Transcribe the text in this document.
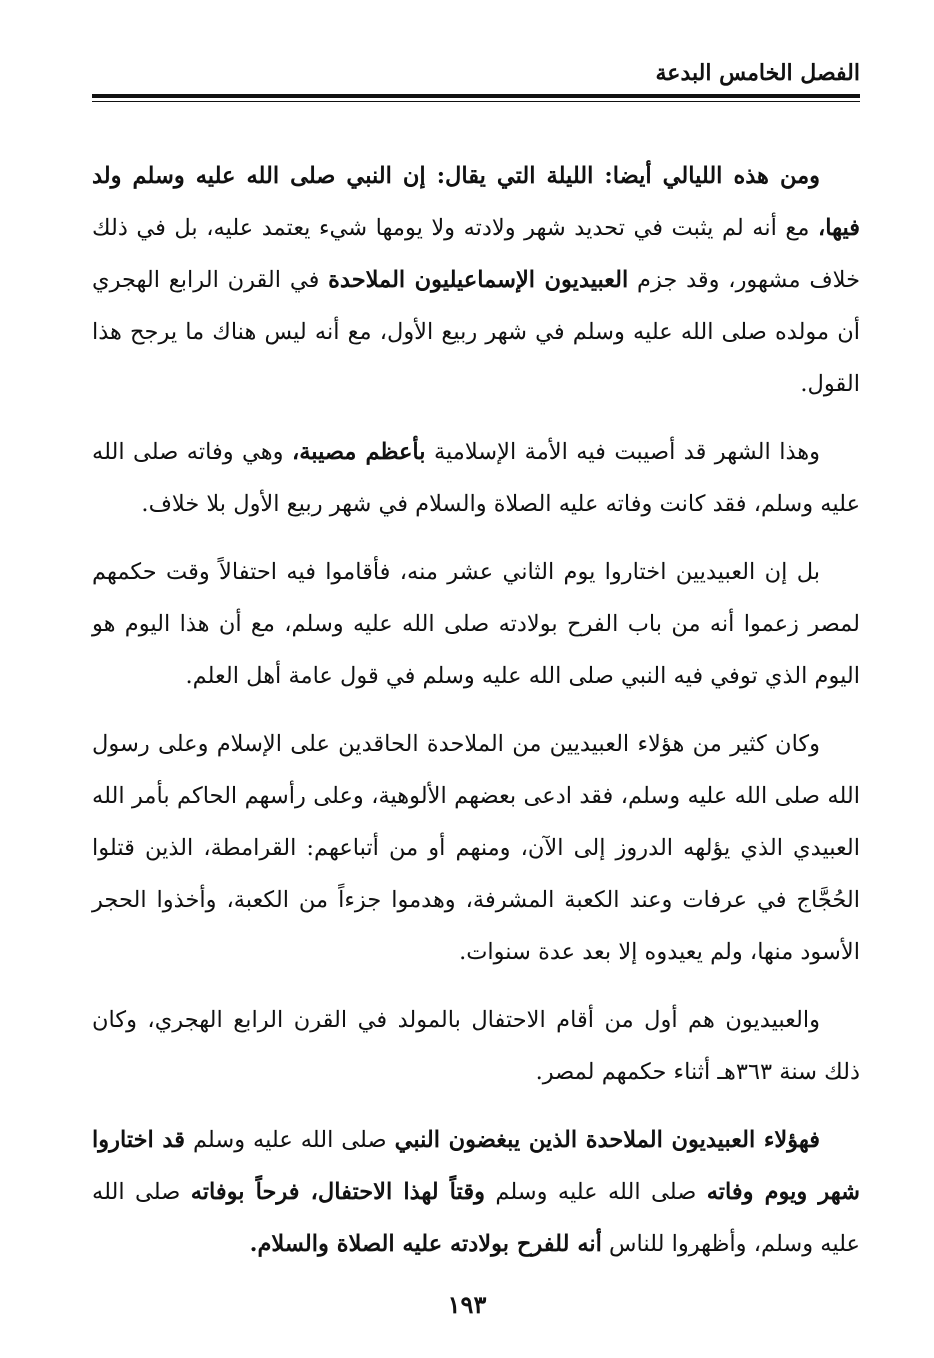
الفصل الخامس البدعة

ومن هذه الليالي أيضا: الليلة التي يقال: إن النبي صلى الله عليه وسلم ولد فيها، مع أنه لم يثبت في تحديد شهر ولادته ولا يومها شيء يعتمد عليه، بل في ذلك خلاف مشهور، وقد جزم العبيديون الإسماعيليون الملاحدة في القرن الرابع الهجري أن مولده صلى الله عليه وسلم في شهر ربيع الأول، مع أنه ليس هناك ما يرجح هذا القول.

وهذا الشهر قد أصيبت فيه الأمة الإسلامية بأعظم مصيبة، وهي وفاته صلى الله عليه وسلم، فقد كانت وفاته عليه الصلاة والسلام في شهر ربيع الأول بلا خلاف.

بل إن العبيديين اختاروا يوم الثاني عشر منه، فأقاموا فيه احتفالاً وقت حكمهم لمصر زعموا أنه من باب الفرح بولادته صلى الله عليه وسلم، مع أن هذا اليوم هو اليوم الذي توفي فيه النبي صلى الله عليه وسلم في قول عامة أهل العلم.

وكان كثير من هؤلاء العبيديين من الملاحدة الحاقدين على الإسلام وعلى رسول الله صلى الله عليه وسلم، فقد ادعى بعضهم الألوهية، وعلى رأسهم الحاكم بأمر الله العبيدي الذي يؤلهه الدروز إلى الآن، ومنهم أو من أتباعهم: القرامطة، الذين قتلوا الحُجَّاج في عرفات وعند الكعبة المشرفة، وهدموا جزءاً من الكعبة، وأخذوا الحجر الأسود منها، ولم يعيدوه إلا بعد عدة سنوات.

والعبيديون هم أول من أقام الاحتفال بالمولد في القرن الرابع الهجري، وكان ذلك سنة ٣٦٣هـ أثناء حكمهم لمصر.

فهؤلاء العبيديون الملاحدة الذين يبغضون النبي صلى الله عليه وسلم قد اختاروا شهر ويوم وفاته صلى الله عليه وسلم وقتاً لهذا الاحتفال، فرحاً بوفاته صلى الله عليه وسلم، وأظهروا للناس أنه للفرح بولادته عليه الصلاة والسلام.

١٩٣
